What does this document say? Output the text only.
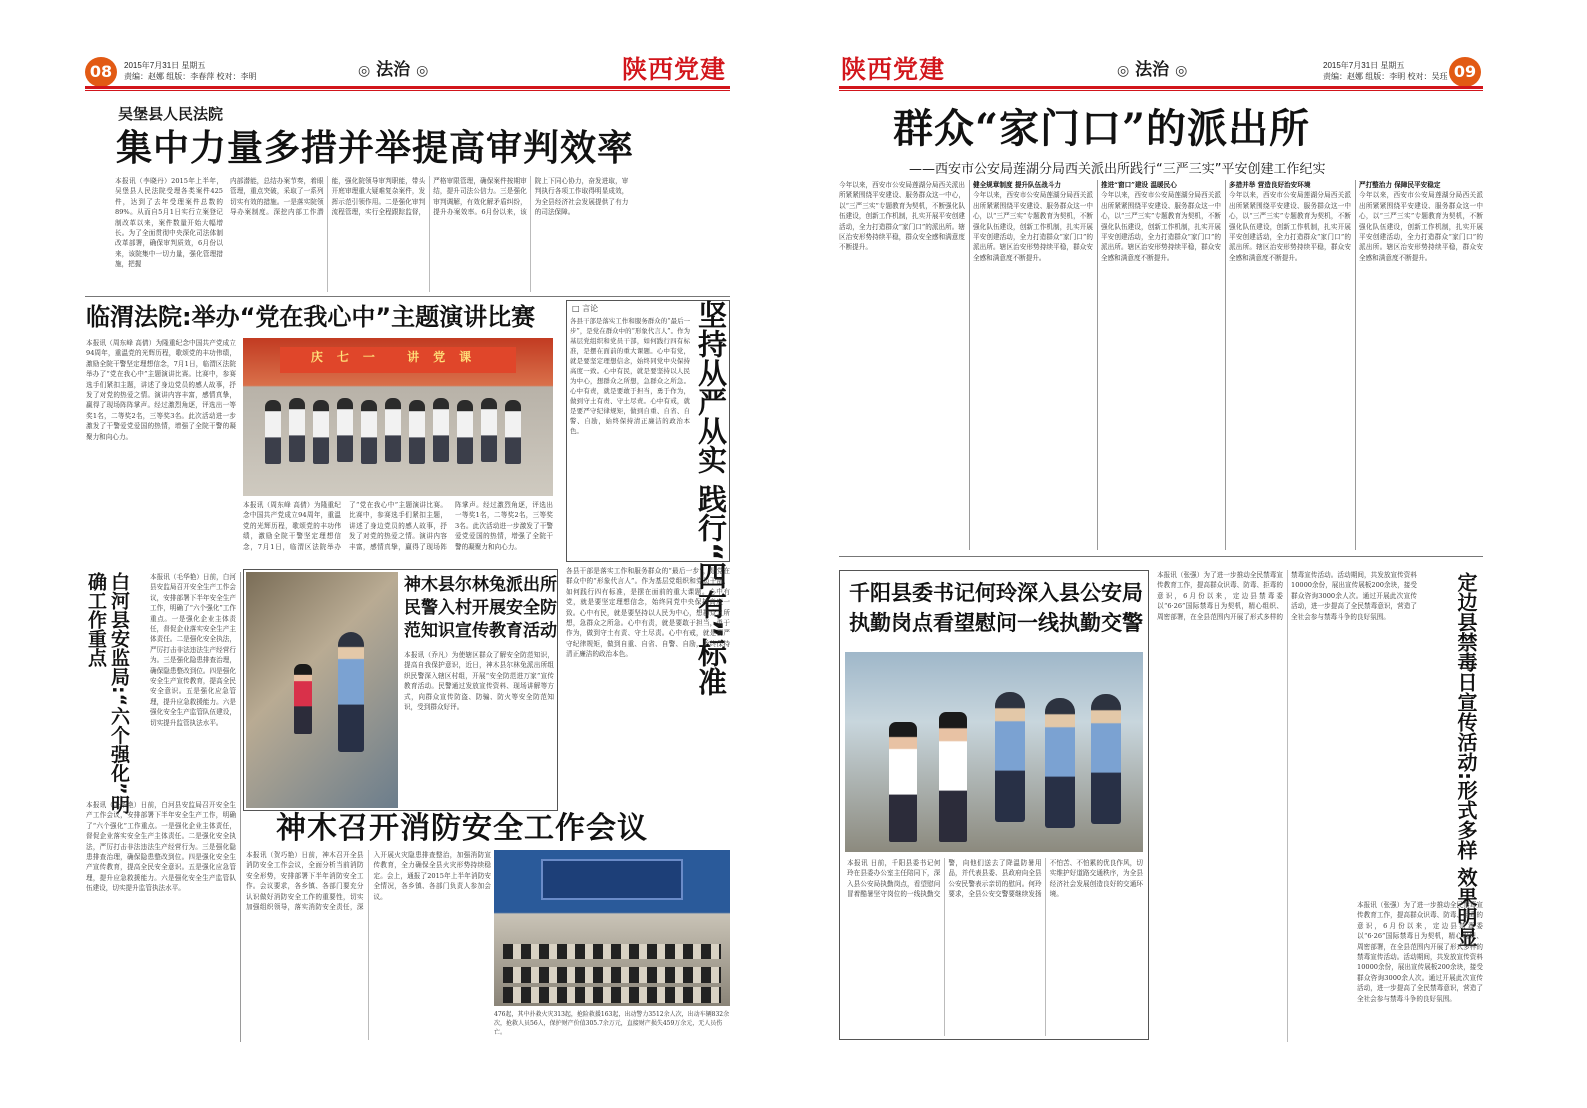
08	2015年7月31日 星期五
责编：赵娜 组版：李春萍 校对：李明	◎ 法治 ◎	陕西党建
吴堡县人民法院
集中力量多措并举提高审判效率
本报讯（李晓丹）2015年上半年，吴堡县人民法院受理各类案件425件，达到了去年受理案件总数的89%。从而自5月1日实行立案登记制改革以来，案件数量开始大幅增长。为了全面贯彻中央深化司法体制改革部署，确保审判质效，6月份以来，该院集中一切力量，强化管理措施，把握
内部潜能，总结办案节奏，着眼管理，重点突破，采取了一系列切实有效的措施。一是落实院领导办案制度。深挖内部工作潜能，强化院领导审判职能，带头开庭审理重大疑难复杂案件，发挥示范引领作用。二是强化审判流程管理，实行全程跟踪监督，严格审限管理，确保案件按期审结，提升司法公信力。三是强化审判调解，有效化解矛盾纠纷，提升办案效率。6月份以来，该院上下同心协力，奋发进取，审判执行各项工作取得明显成效，为全县经济社会发展提供了有力的司法保障。
临渭法院:举办“党在我心中”主题演讲比赛
本报讯（周东峰 高倩）为隆重纪念中国共产党成立94周年，重温党的光辉历程，歌颂党的丰功伟绩，激励全院干警坚定理想信念，7月1日，临渭区法院举办了“党在我心中”主题演讲比赛。比赛中，参赛选手们紧扣主题，讲述了身边党员的感人故事，抒发了对党的热爱之情。演讲内容丰富，感情真挚，赢得了现场阵阵掌声。经过激烈角逐，评选出一等奖1名，二等奖2名，三等奖3名。此次活动进一步激发了干警爱党爱国的热情，增强了全院干警的凝聚力和向心力。
庆七一 讲党课
本报讯（周东峰 高倩）为隆重纪念中国共产党成立94周年，重温党的光辉历程，歌颂党的丰功伟绩，激励全院干警坚定理想信念，7月1日，临渭区法院举办了“党在我心中”主题演讲比赛。比赛中，参赛选手们紧扣主题，讲述了身边党员的感人故事，抒发了对党的热爱之情。演讲内容丰富，感情真挚，赢得了现场阵阵掌声。经过激烈角逐，评选出一等奖1名，二等奖2名，三等奖3名。此次活动进一步激发了干警爱党爱国的热情，增强了全院干警的凝聚力和向心力。
□ 言论
各县干部是落实工作和服务群众的“最后一步”，是党在群众中的“形象代言人”。作为基层党组织和党员干部，如何践行四有标准，是摆在面前的重大课题。心中有党，就是要坚定理想信念，始终同党中央保持高度一致。心中有民，就是要坚持以人民为中心，想群众之所想，急群众之所急。心中有责，就是要敢于担当，勇于作为，做到守土有责、守土尽责。心中有戒，就是要严守纪律规矩，做到自重、自省、自警、自励，始终保持清正廉洁的政治本色。	坚持从严从实 践行“四有”标准
白河县安监局:“六个强化”明确工作重点	本报讯（毛华艳）日前，白河县安监局召开安全生产工作会议，安排部署下半年安全生产工作，明确了“六个强化”工作重点。一是强化企业主体责任，督促企业落实安全生产主体责任。二是强化安全执法，严厉打击非法违法生产经营行为。三是强化隐患排查治理，确保隐患整改到位。四是强化安全生产宣传教育，提高全民安全意识。五是强化应急管理，提升应急救援能力。六是强化安全生产监管队伍建设，切实提升监管执法水平。
本报讯（毛华艳）日前，白河县安监局召开安全生产工作会议，安排部署下半年安全生产工作，明确了“六个强化”工作重点。一是强化企业主体责任，督促企业落实安全生产主体责任。二是强化安全执法，严厉打击非法违法生产经营行为。三是强化隐患排查治理，确保隐患整改到位。四是强化安全生产宣传教育，提高全民安全意识。五是强化应急管理，提升应急救援能力。六是强化安全生产监管队伍建设，切实提升监管执法水平。
神木县尔林兔派出所
民警入村开展安全防
范知识宣传教育活动
本报讯（乔凡）为使辖区群众了解安全防范知识，提高自我保护意识，近日，神木县尔林兔派出所组织民警深入辖区村组，开展“安全防范进万家”宣传教育活动。民警通过发放宣传资料、现场讲解等方式，向群众宣传防盗、防骗、防火等安全防范知识，受到群众好评。
各县干部是落实工作和服务群众的“最后一步”，是党在群众中的“形象代言人”。作为基层党组织和党员干部，如何践行四有标准，是摆在面前的重大课题。心中有党，就是要坚定理想信念，始终同党中央保持高度一致。心中有民，就是要坚持以人民为中心，想群众之所想，急群众之所急。心中有责，就是要敢于担当，勇于作为，做到守土有责、守土尽责。心中有戒，就是要严守纪律规矩，做到自重、自省、自警、自励，始终保持清正廉洁的政治本色。
神木召开消防安全工作会议
本报讯（贺巧艳）日前，神木召开全县消防安全工作会议，全面分析当前消防安全形势，安排部署下半年消防安全工作。会议要求，各乡镇、各部门要充分认识做好消防安全工作的重要性，切实加强组织领导，落实消防安全责任，深入开展火灾隐患排查整治，加强消防宣传教育，全力确保全县火灾形势持续稳定。会上，通报了2015年上半年消防安全情况，各乡镇、各部门负责人参加会议。
476起，其中扑救火灾313起，抢险救援163起，出动警力3512余人次，出动车辆832余次，抢救人员56人，保护财产价值305.7余万元，直接财产损失459万余元，无人员伤亡。
陕西党建	◎ 法治 ◎	2015年7月31日 星期五
责编：赵娜 组版：李明 校对：吴珏 09
群众“家门口”的派出所
——西安市公安局莲湖分局西关派出所践行“三严三实”平安创建工作纪实
今年以来，西安市公安局莲湖分局西关派出所紧紧围绕平安建设、服务群众这一中心，以“三严三实”专题教育为契机，不断强化队伍建设，创新工作机制，扎实开展平安创建活动，全力打造群众“家门口”的派出所。辖区治安形势持续平稳，群众安全感和满意度不断提升。
健全规章制度 提升队伍战斗力
今年以来，西安市公安局莲湖分局西关派出所紧紧围绕平安建设、服务群众这一中心，以“三严三实”专题教育为契机，不断强化队伍建设，创新工作机制，扎实开展平安创建活动，全力打造群众“家门口”的派出所。辖区治安形势持续平稳，群众安全感和满意度不断提升。
推进“窗口”建设 温暖民心
今年以来，西安市公安局莲湖分局西关派出所紧紧围绕平安建设、服务群众这一中心，以“三严三实”专题教育为契机，不断强化队伍建设，创新工作机制，扎实开展平安创建活动，全力打造群众“家门口”的派出所。辖区治安形势持续平稳，群众安全感和满意度不断提升。
多措并举 营造良好治安环境
今年以来，西安市公安局莲湖分局西关派出所紧紧围绕平安建设、服务群众这一中心，以“三严三实”专题教育为契机，不断强化队伍建设，创新工作机制，扎实开展平安创建活动，全力打造群众“家门口”的派出所。辖区治安形势持续平稳，群众安全感和满意度不断提升。
严打整治力 保障民平安稳定
今年以来，西安市公安局莲湖分局西关派出所紧紧围绕平安建设、服务群众这一中心，以“三严三实”专题教育为契机，不断强化队伍建设，创新工作机制，扎实开展平安创建活动，全力打造群众“家门口”的派出所。辖区治安形势持续平稳，群众安全感和满意度不断提升。
千阳县委书记何玲深入县公安局
执勤岗点看望慰问一线执勤交警
本报讯 日前，千阳县委书记何玲在县委办公室主任陪同下，深入县公安局执勤岗点，看望慰问冒着酷暑坚守岗位的一线执勤交警，向他们送去了降温防暑用品，并代表县委、县政府向全县公安民警表示亲切的慰问。何玲要求，全县公安交警要继续发扬不怕苦、不怕累的优良作风，切实维护好道路交通秩序，为全县经济社会发展创造良好的交通环境。
本报讯（张强）为了进一步推动全民禁毒宣传教育工作，提高群众识毒、防毒、拒毒的意识，6月份以来，定边县禁毒委以“6·26”国际禁毒日为契机，精心组织、周密部署，在全县范围内开展了形式多样的禁毒宣传活动。活动期间，共发放宣传资料10000余份，展出宣传展板200余块，接受群众咨询3000余人次。通过开展此次宣传活动，进一步提高了全民禁毒意识，营造了全社会参与禁毒斗争的良好氛围。	定边县禁毒日宣传活动:形式多样 效果明显
本报讯（张强）为了进一步推动全民禁毒宣传教育工作，提高群众识毒、防毒、拒毒的意识，6月份以来，定边县禁毒委以“6·26”国际禁毒日为契机，精心组织、周密部署，在全县范围内开展了形式多样的禁毒宣传活动。活动期间，共发放宣传资料10000余份，展出宣传展板200余块，接受群众咨询3000余人次。通过开展此次宣传活动，进一步提高了全民禁毒意识，营造了全社会参与禁毒斗争的良好氛围。
